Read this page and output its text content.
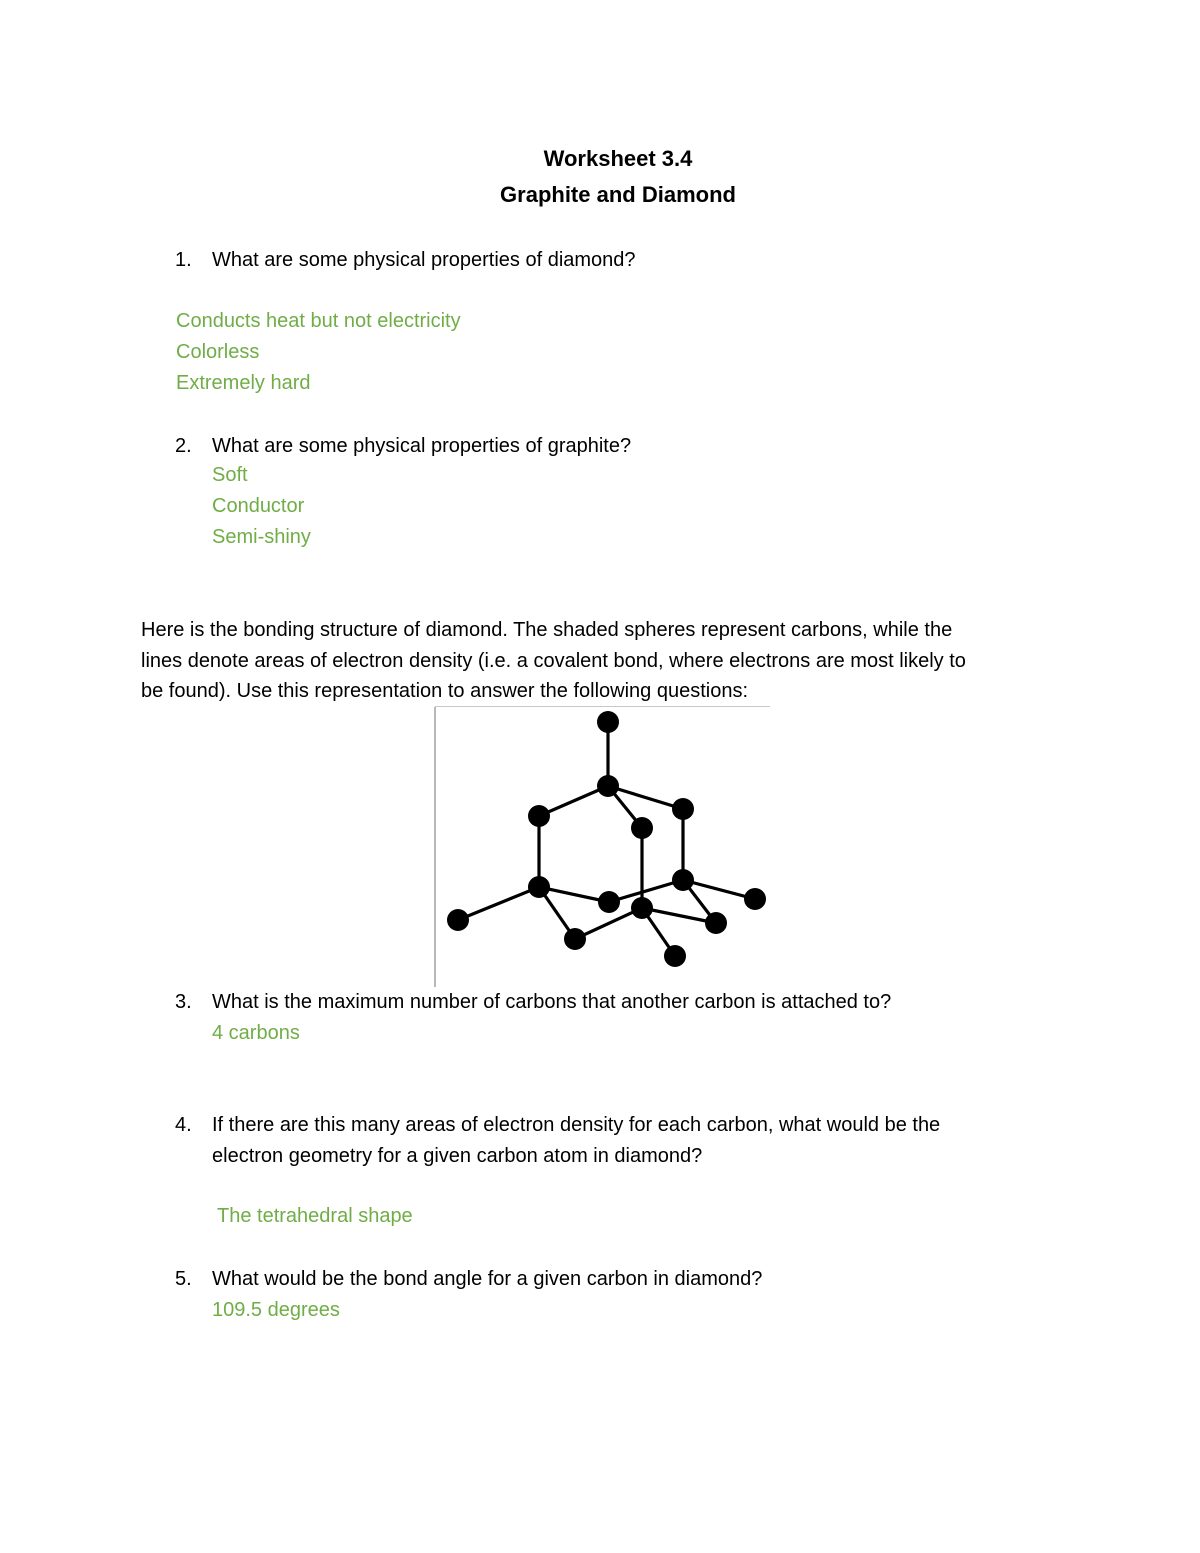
Worksheet 3.4
Graphite and Diamond
1. What are some physical properties of diamond?
Conducts heat but not electricity
Colorless
Extremely hard
2. What are some physical properties of graphite?
Soft
Conductor
Semi-shiny
Here is the bonding structure of diamond. The shaded spheres represent carbons, while the
lines denote areas of electron density (i.e. a covalent bond, where electrons are most likely to
be found). Use this representation to answer the following questions:
3. What is the maximum number of carbons that another carbon is attached to?
4 carbons
4. If there are this many areas of electron density for each carbon, what would be the
electron geometry for a given carbon atom in diamond?
The tetrahedral shape
5. What would be the bond angle for a given carbon in diamond?
109.5 degrees
